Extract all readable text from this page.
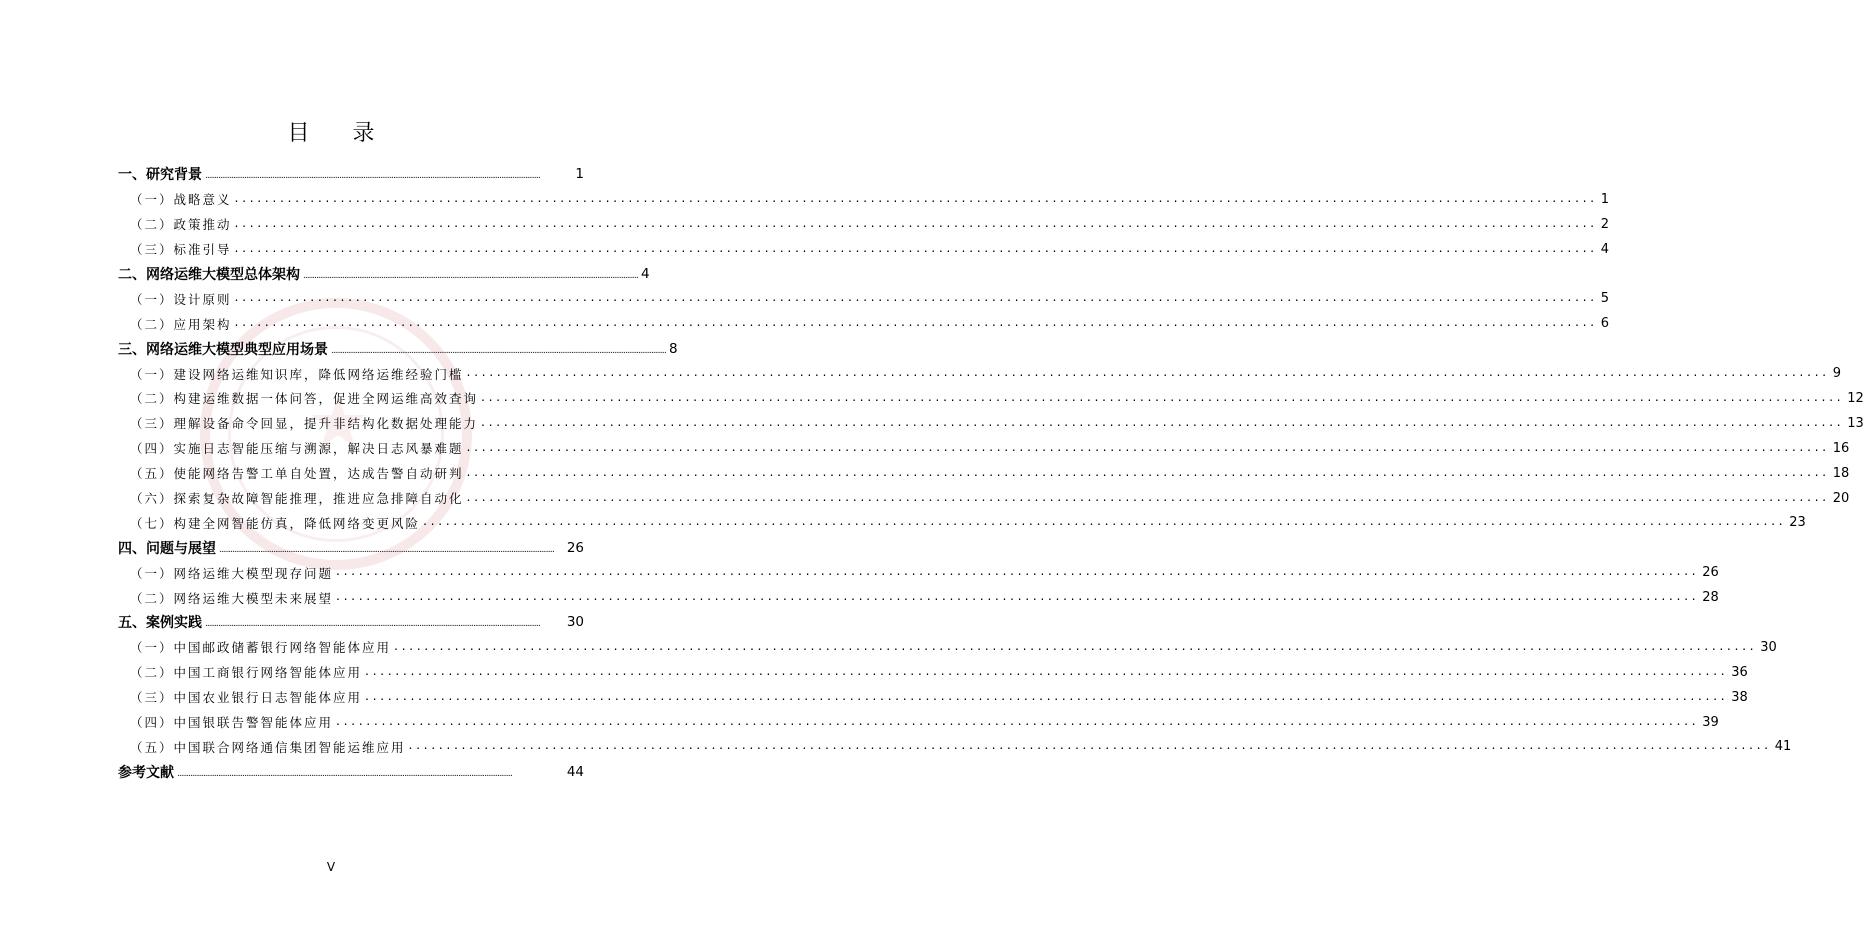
★
目 录
一、研究背景 ....................................................................................................................................................................................	1
（一）战略意义 .................................................................................................................................................................................... 1
（二）政策推动 .................................................................................................................................................................................... 2
（三）标准引导 .................................................................................................................................................................................... 4
二、网络运维大模型总体架构 .................................................................................................................................................................................... 4
（一）设计原则 .................................................................................................................................................................................... 5
（二）应用架构 .................................................................................................................................................................................... 6
三、网络运维大模型典型应用场景 .................................................................................................................................................................................... 8
（一）建设网络运维知识库，降低网络运维经验门槛 .................................................................................................................................................................................... 9
（二）构建运维数据一体问答，促进全网运维高效查询 .................................................................................................................................................................................... 12
（三）理解设备命令回显，提升非结构化数据处理能力 .................................................................................................................................................................................... 13
（四）实施日志智能压缩与溯源，解决日志风暴难题 .................................................................................................................................................................................... 16
（五）使能网络告警工单自处置，达成告警自动研判 .................................................................................................................................................................................... 18
（六）探索复杂故障智能推理，推进应急排障自动化 .................................................................................................................................................................................... 20
（七）构建全网智能仿真，降低网络变更风险 .................................................................................................................................................................................... 23
四、问题与展望 .................................................................................................................................................................................... 26
（一）网络运维大模型现存问题 .................................................................................................................................................................................... 26
（二）网络运维大模型未来展望 .................................................................................................................................................................................... 28
五、案例实践 ....................................................................................................................................................................................	30
（一）中国邮政储蓄银行网络智能体应用 .................................................................................................................................................................................... 30
（二）中国工商银行网络智能体应用 .................................................................................................................................................................................... 36
（三）中国农业银行日志智能体应用 .................................................................................................................................................................................... 38
（四）中国银联告警智能体应用 .................................................................................................................................................................................... 39
（五）中国联合网络通信集团智能运维应用 .................................................................................................................................................................................... 41
参考文献 ....................................................................................................................................................................................	44
V
